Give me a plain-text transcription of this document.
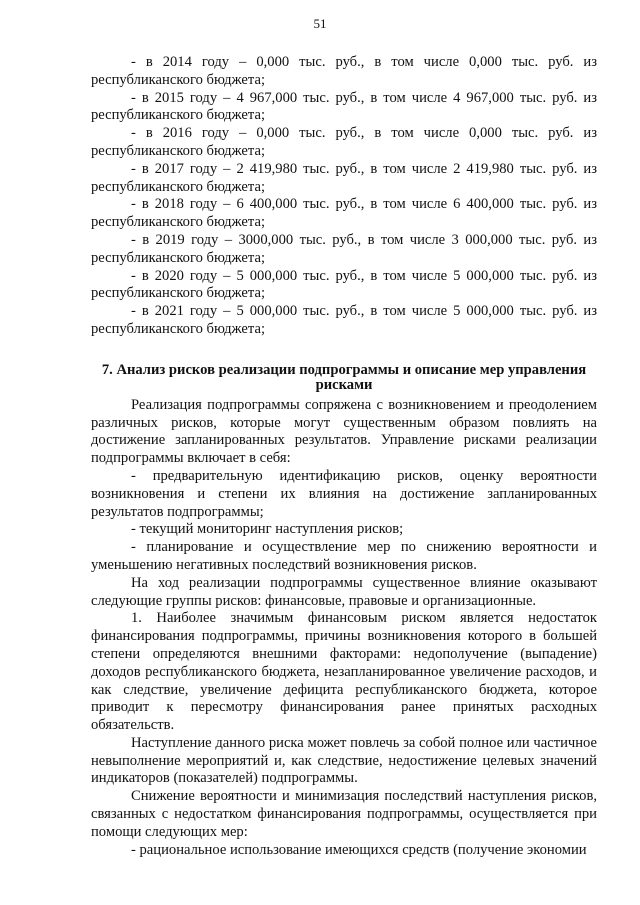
51

- в 2014 году – 0,000 тыс. руб., в том числе 0,000 тыс. руб. из республиканского бюджета;

- в 2015 году – 4 967,000 тыс. руб., в том числе 4 967,000 тыс. руб. из республиканского бюджета;

- в 2016 году – 0,000 тыс. руб., в том числе 0,000 тыс. руб. из республиканского бюджета;

- в 2017 году – 2 419,980 тыс. руб., в том числе 2 419,980 тыс. руб. из республиканского бюджета;

- в 2018 году – 6 400,000 тыс. руб., в том числе 6 400,000 тыс. руб. из республиканского бюджета;

- в 2019 году – 3000,000 тыс. руб., в том числе 3 000,000 тыс. руб. из республиканского бюджета;

- в 2020 году – 5 000,000 тыс. руб., в том числе 5 000,000 тыс. руб. из республиканского бюджета;

- в 2021 году – 5 000,000 тыс. руб., в том числе 5 000,000 тыс. руб. из республиканского бюджета;

7. Анализ рисков реализации подпрограммы и описание мер управления рисками

Реализация подпрограммы сопряжена с возникновением и преодолением различных рисков, которые могут существенным образом повлиять на достижение запланированных результатов. Управление рисками реализации подпрограммы включает в себя:

- предварительную идентификацию рисков, оценку вероятности возникновения и степени их влияния на достижение запланированных результатов подпрограммы;

- текущий мониторинг наступления рисков;

- планирование и осуществление мер по снижению вероятности и уменьшению негативных последствий возникновения рисков.

На ход реализации подпрограммы существенное влияние оказывают следующие группы рисков: финансовые, правовые и организационные.

1. Наиболее значимым финансовым риском является недостаток финансирования подпрограммы, причины возникновения которого в большей степени определяются внешними факторами: недополучение (выпадение) доходов республиканского бюджета, незапланированное увеличение расходов, и как следствие, увеличение дефицита республиканского бюджета, которое приводит к пересмотру финансирования ранее принятых расходных обязательств.

Наступление данного риска может повлечь за собой полное или частичное невыполнение мероприятий и, как следствие, недостижение целевых значений индикаторов (показателей) подпрограммы.

Снижение вероятности и минимизация последствий наступления рисков, связанных с недостатком финансирования подпрограммы, осуществляется при помощи следующих мер:

- рациональное использование имеющихся средств (получение экономии
